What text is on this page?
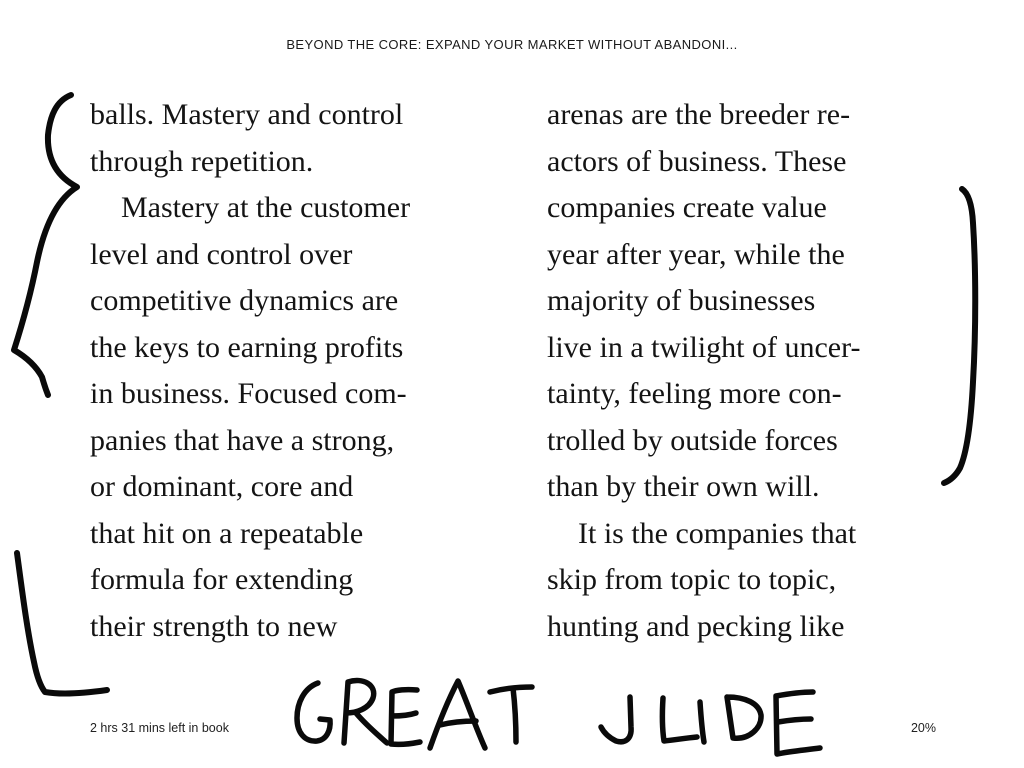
BEYOND THE CORE: EXPAND YOUR MARKET WITHOUT ABANDONI...
balls. Mastery and control
through repetition.
Mastery at the customer
level and control over
competitive dynamics are
the keys to earning profits
in business. Focused com-
panies that have a strong,
or dominant, core and
that hit on a repeatable
formula for extending
their strength to new
arenas are the breeder re-
actors of business. These
companies create value
year after year, while the
majority of businesses
live in a twilight of uncer-
tainty, feeling more con-
trolled by outside forces
than by their own will.
It is the companies that
skip from topic to topic,
hunting and pecking like
2 hrs 31 mins left in book	20%
